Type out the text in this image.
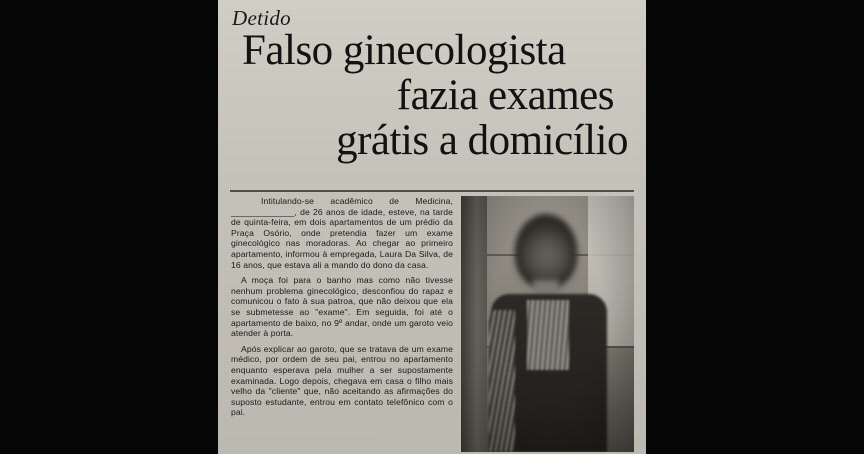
Detido
Falso ginecologista
fazia exames
grátis a domicílio

Intitulando-se acadêmico de Medicina, _____________, de 26 anos de idade, esteve, na tarde de quinta-feira, em dois apartamentos de um prédio da Praça Osório, onde pretendia fazer um exame ginecológico nas moradoras. Ao chegar ao primeiro apartamento, informou à empregada, Laura Da Silva, de 16 anos, que estava ali a mando do dono da casa.

A moça foi para o banho mas como não tivesse nenhum problema ginecológico, desconfiou do rapaz e comunicou o fato à sua patroa, que não deixou que ela se submetesse ao "exame". Em seguida, foi até o apartamento de baixo, no 9º andar, onde um garoto veio atender à porta.

Após explicar ao garoto, que se tratava de um exame médico, por ordem de seu pai, entrou no apartamento enquanto esperava pela mulher a ser supostamente examinada. Logo depois, chegava em casa o filho mais velho da "cliente" que, não aceitando as afirmações do suposto estudante, entrou em contato telefônico com o pai.
